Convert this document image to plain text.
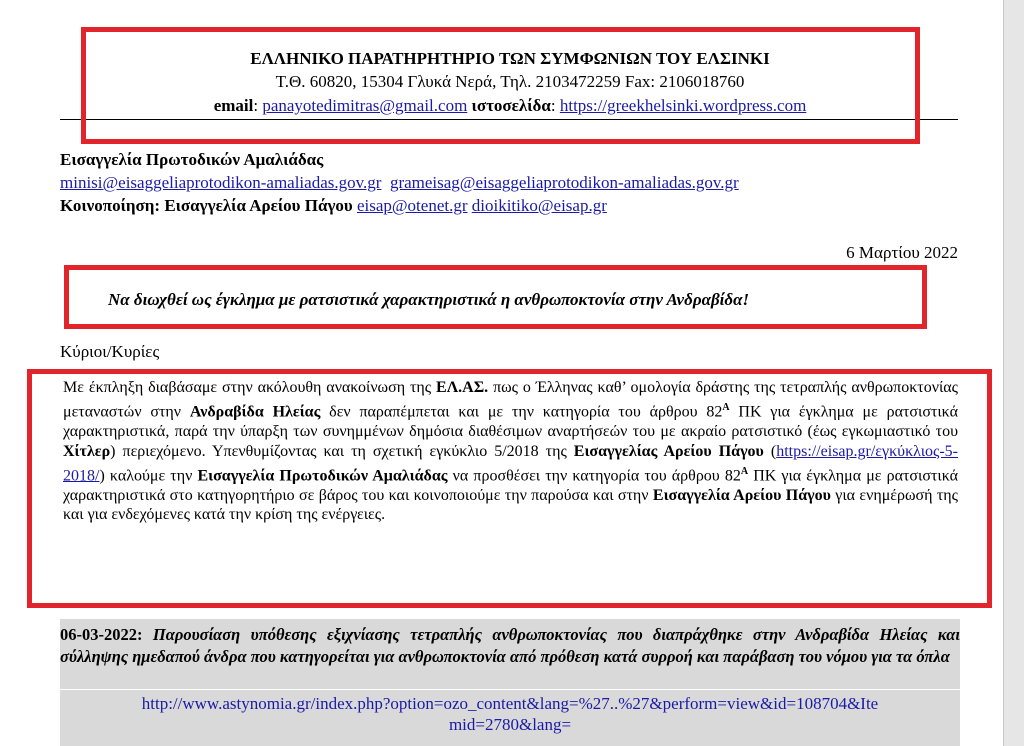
ΕΛΛΗΝΙΚΟ ΠΑΡΑΤΗΡΗΤΗΡΙΟ ΤΩΝ ΣΥΜΦΩΝΙΩΝ ΤΟΥ ΕΛΣΙΝΚΙ
Τ.Θ. 60820, 15304 Γλυκά Νερά, Τηλ. 2103472259 Fax: 2106018760
email: panayotedimitras@gmail.com ιστοσελίδα: https://greekhelsinki.wordpress.com
Εισαγγελία Πρωτοδικών Αμαλιάδας
minisi@eisaggeliaprotodikon-amaliadas.gov.gr grameisag@eisaggeliaprotodikon-amaliadas.gov.gr
Κοινοποίηση: Εισαγγελία Αρείου Πάγου eisap@otenet.gr dioikitiko@eisap.gr
6 Μαρτίου 2022
Να διωχθεί ως έγκλημα με ρατσιστικά χαρακτηριστικά η ανθρωποκτονία στην Ανδραβίδα!
Κύριοι/Κυρίες
Με έκπληξη διαβάσαμε στην ακόλουθη ανακοίνωση της ΕΛ.ΑΣ. πως ο Έλληνας καθ’ ομολογία δράστης της τετραπλής ανθρωποκτονίας μεταναστών στην Ανδραβίδα Ηλείας δεν παραπέμπεται και με την κατηγορία του άρθρου $82^A$ ΠΚ για έγκλημα με ρατσιστικά χαρακτηριστικά, παρά την ύπαρξη των συνημμένων δημόσια διαθέσιμων αναρτήσεών του με ακραίο ρατσιστικό (έως εγκωμιαστικό του Χίτλερ) περιεχόμενο. Υπενθυμίζοντας και τη σχετική εγκύκλιο 5/2018 της Εισαγγελίας Αρείου Πάγου (https://eisap.gr/εγκύκλιος-5-2018/) καλούμε την Εισαγγελία Πρωτοδικών Αμαλιάδας να προσθέσει την κατηγορία του άρθρου $82^A$ ΠΚ για έγκλημα με ρατσιστικά χαρακτηριστικά στο κατηγορητήριο σε βάρος του και κοινοποιούμε την παρούσα και στην Εισαγγελία Αρείου Πάγου για ενημέρωσή της και για ενδεχόμενες κατά την κρίση της ενέργειες.
06-03-2022: Παρουσίαση υπόθεσης εξιχνίασης τετραπλής ανθρωποκτονίας που διαπράχθηκε στην Ανδραβίδα Ηλείας και σύλληψης ημεδαπού άνδρα που κατηγορείται για ανθρωποκτονία από πρόθεση κατά συρροή και παράβαση του νόμου για τα όπλα
http://www.astynomia.gr/index.php?option=ozo_content&lang=%27..%27&perform=view&id=108704&Ite
mid=2780&lang=
